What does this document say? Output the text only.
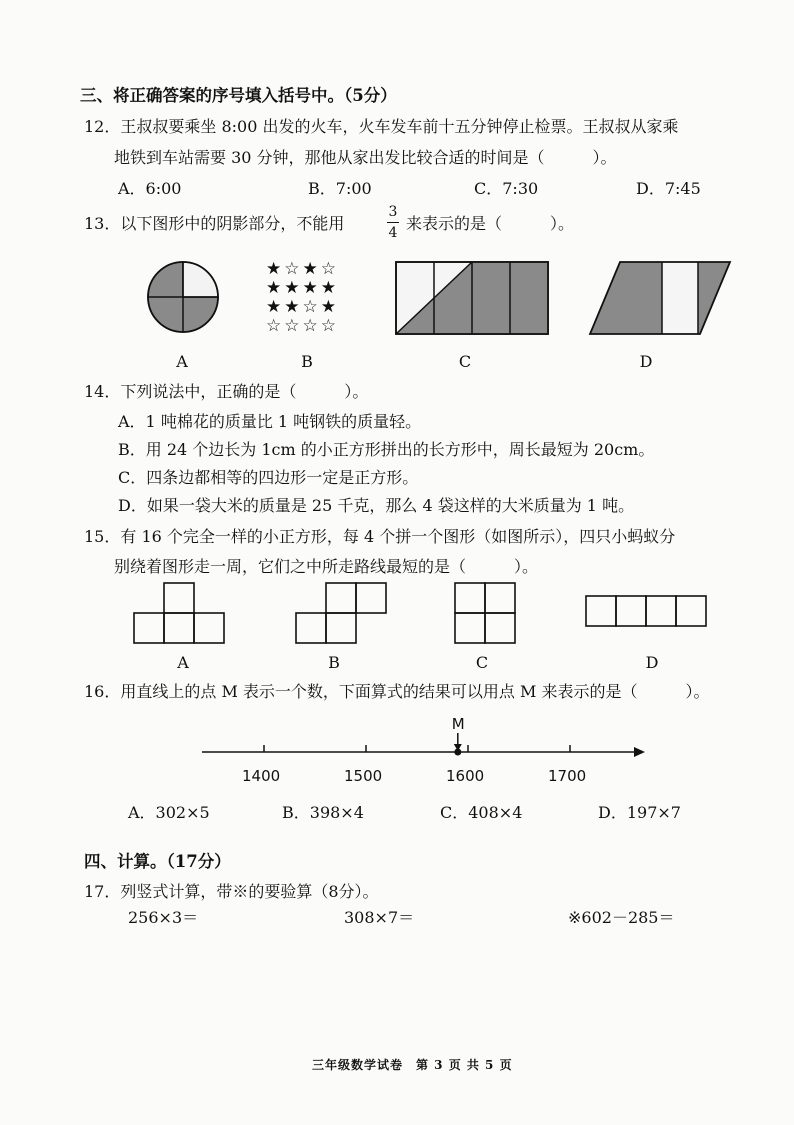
三、将正确答案的序号填入括号中。（5分）
12．王叔叔要乘坐 8:00 出发的火车，火车发车前十五分钟停止检票。王叔叔从家乘
地铁到车站需要 30 分钟，那他从家出发比较合适的时间是（　　　）。
A．6:00	B．7:00	C．7:30	D．7:45
13．以下图形中的阴影部分，不能用
3
4 来表示的是（　　　）。
★☆★☆
★★★★
★★☆★
☆☆☆☆
A	B	C	D
14．下列说法中，正确的是（　　　）。
A．1 吨棉花的质量比 1 吨钢铁的质量轻。
B．用 24 个边长为 1cm 的小正方形拼出的长方形中，周长最短为 20cm。
C．四条边都相等的四边形一定是正方形。
D．如果一袋大米的质量是 25 千克，那么 4 袋这样的大米质量为 1 吨。
15．有 16 个完全一样的小正方形，每 4 个拼一个图形（如图所示），四只小蚂蚁分
别绕着图形走一周，它们之中所走路线最短的是（　　　）。
A	B	C	D
16．用直线上的点 M 表示一个数，下面算式的结果可以用点 M 来表示的是（　　　）。
M
1400	1500	1600	1700
A．302×5	B．398×4	C．408×4	D．197×7
四、计算。（17分）
17．列竖式计算，带※的要验算（8分）。
256×3＝	308×7＝	※602－285＝
三年级数学试卷　第 3 页 共 5 页
